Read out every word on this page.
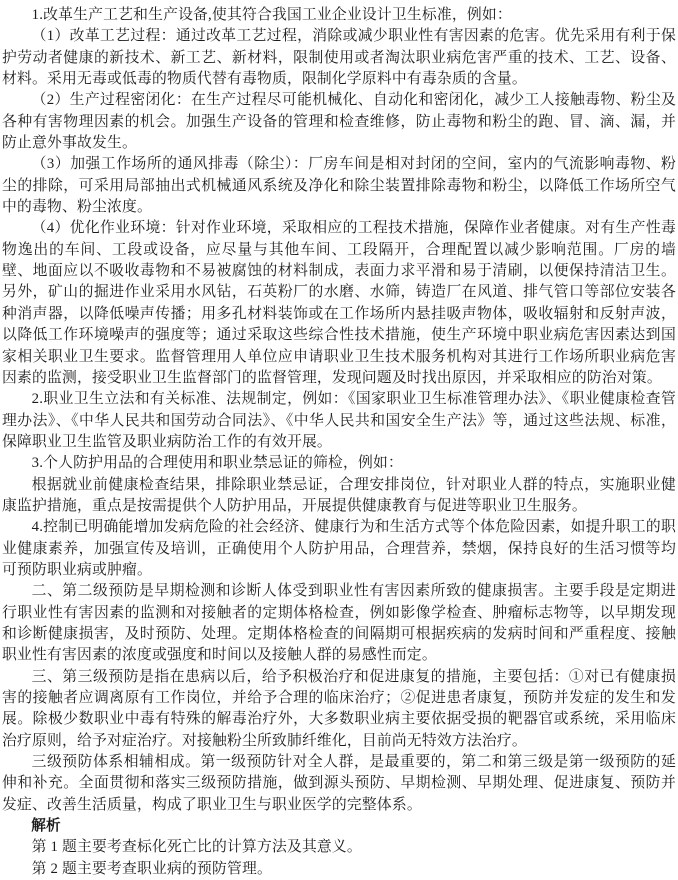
1.改革生产工艺和生产设备,使其符合我国工业企业设计卫生标准，例如：

（1）改革工艺过程：通过改革工艺过程，消除或减少职业性有害因素的危害。优先采用有利于保护劳动者健康的新技术、新工艺、新材料，限制使用或者淘汰职业病危害严重的技术、工艺、设备、材料。采用无毒或低毒的物质代替有毒物质，限制化学原料中有毒杂质的含量。

（2）生产过程密闭化：在生产过程尽可能机械化、自动化和密闭化，减少工人接触毒物、粉尘及各种有害物理因素的机会。加强生产设备的管理和检查维修，防止毒物和粉尘的跑、冒、滴、漏，并防止意外事故发生。

（3）加强工作场所的通风排毒（除尘）：厂房车间是相对封闭的空间，室内的气流影响毒物、粉尘的排除，可采用局部抽出式机械通风系统及净化和除尘装置排除毒物和粉尘，以降低工作场所空气中的毒物、粉尘浓度。

（4）优化作业环境：针对作业环境，采取相应的工程技术措施，保障作业者健康。对有生产性毒物逸出的车间、工段或设备，应尽量与其他车间、工段隔开，合理配置以减少影响范围。厂房的墙壁、地面应以不吸收毒物和不易被腐蚀的材料制成，表面力求平滑和易于清刷，以便保持清洁卫生。另外，矿山的掘进作业采用水风钻，石英粉厂的水磨、水筛，铸造厂在风道、排气管口等部位安装各种消声器，以降低噪声传播；用多孔材料装饰或在工作场所内悬挂吸声物体，吸收辐射和反射声波，以降低工作环境噪声的强度等；通过采取这些综合性技术措施，使生产环境中职业病危害因素达到国家相关职业卫生要求。监督管理用人单位应申请职业卫生技术服务机构对其进行工作场所职业病危害因素的监测，接受职业卫生监督部门的监督管理，发现问题及时找出原因，并采取相应的防治对策。

2.职业卫生立法和有关标准、法规制定，例如：《国家职业卫生标准管理办法》、《职业健康检查管理办法》、《中华人民共和国劳动合同法》、《中华人民共和国安全生产法》等，通过这些法规、标准，保障职业卫生监管及职业病防治工作的有效开展。

3.个人防护用品的合理使用和职业禁忌证的筛检，例如：

根据就业前健康检查结果，排除职业禁忌证，合理安排岗位，针对职业人群的特点，实施职业健康监护措施，重点是按需提供个人防护用品，开展提供健康教育与促进等职业卫生服务。

4.控制已明确能增加发病危险的社会经济、健康行为和生活方式等个体危险因素，如提升职工的职业健康素养，加强宣传及培训，正确使用个人防护用品，合理营养，禁烟，保持良好的生活习惯等均可预防职业病或肿瘤。

二、第二级预防是早期检测和诊断人体受到职业性有害因素所致的健康损害。主要手段是定期进行职业性有害因素的监测和对接触者的定期体格检查，例如影像学检查、肿瘤标志物等，以早期发现和诊断健康损害，及时预防、处理。定期体格检查的间隔期可根据疾病的发病时间和严重程度、接触职业性有害因素的浓度或强度和时间以及接触人群的易感性而定。

三、第三级预防是指在患病以后，给予积极治疗和促进康复的措施，主要包括：①对已有健康损害的接触者应调离原有工作岗位，并给予合理的临床治疗；②促进患者康复，预防并发症的发生和发展。除极少数职业中毒有特殊的解毒治疗外，大多数职业病主要依据受损的靶器官或系统，采用临床治疗原则，给予对症治疗。对接触粉尘所致肺纤维化，目前尚无特效方法治疗。

三级预防体系相辅相成。第一级预防针对全人群，是最重要的，第二和第三级是第一级预防的延伸和补充。全面贯彻和落实三级预防措施，做到源头预防、早期检测、早期处理、促进康复、预防并发症、改善生活质量，构成了职业卫生与职业医学的完整体系。

解析

第 1 题主要考查标化死亡比的计算方法及其意义。

第 2 题主要考查职业病的预防管理。
